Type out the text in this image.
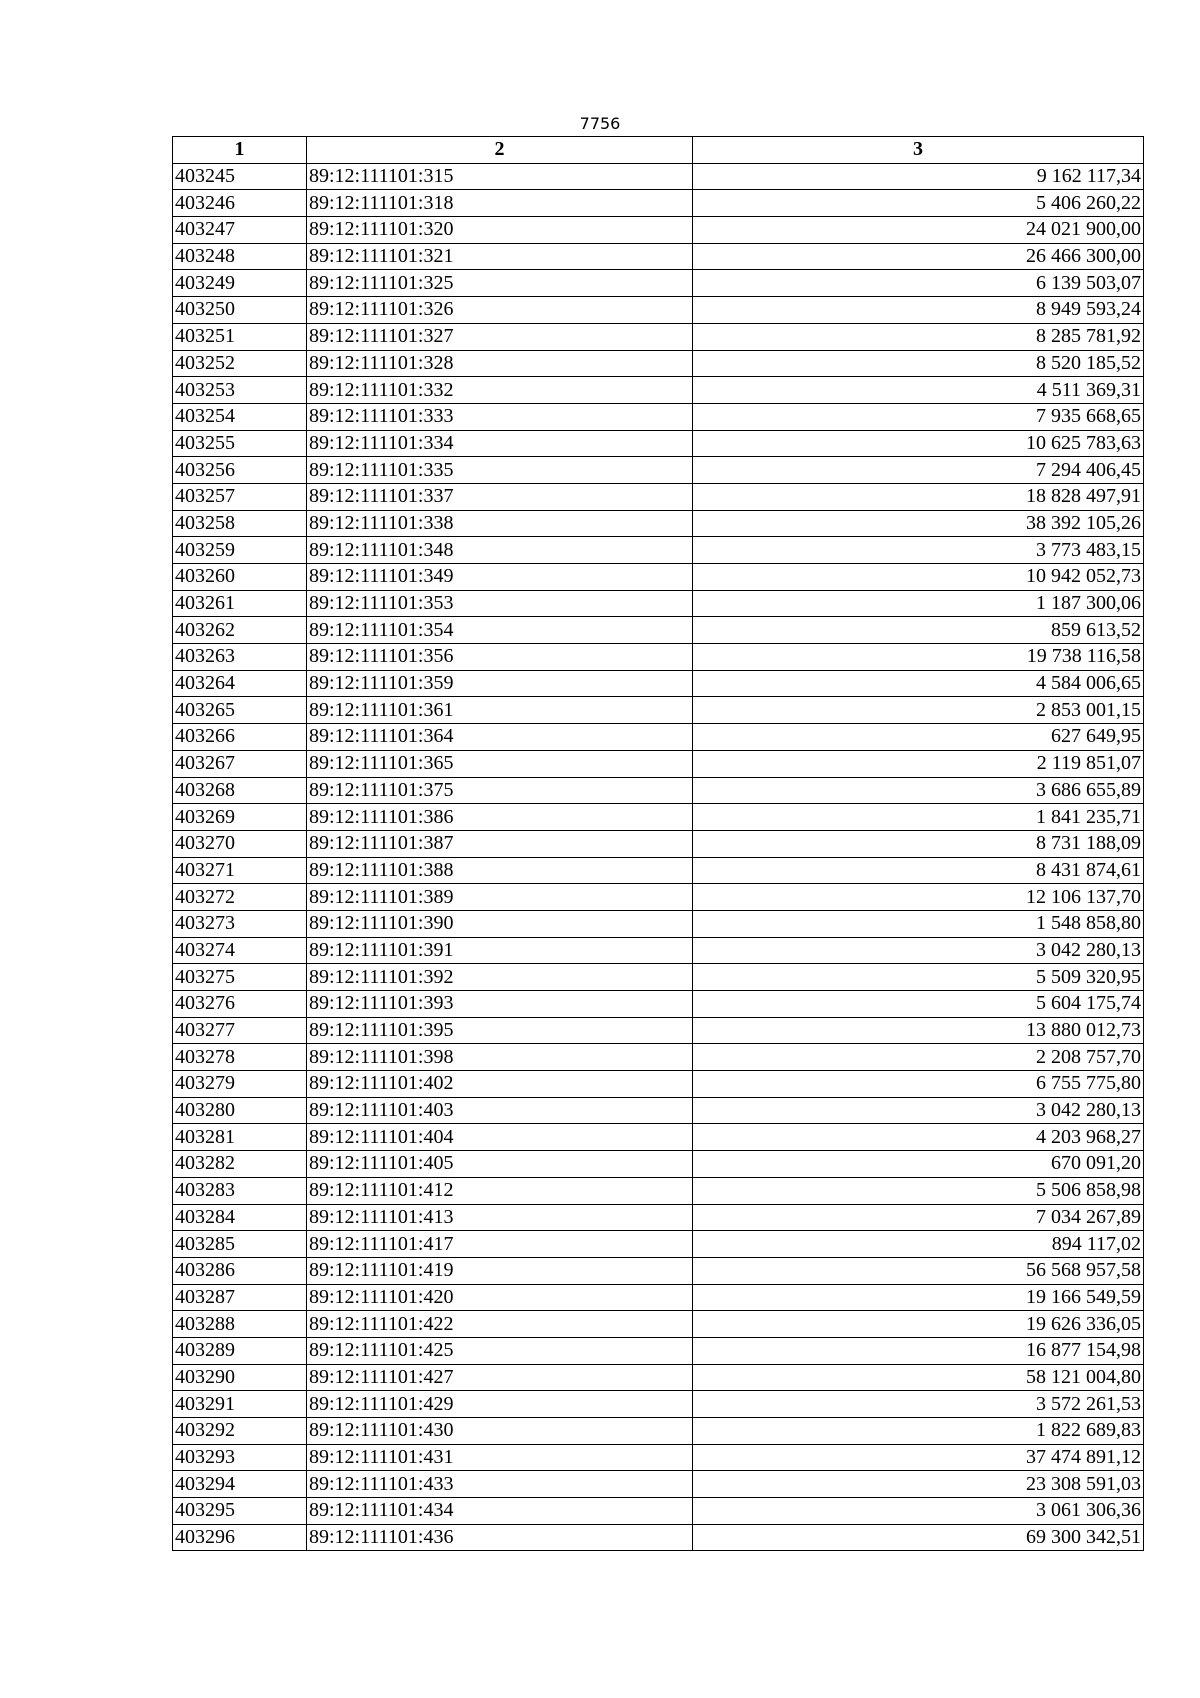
7756
1	2	3
403245	89:12:111101:315	9 162 117,34
403246	89:12:111101:318	5 406 260,22
403247	89:12:111101:320	24 021 900,00
403248	89:12:111101:321	26 466 300,00
403249	89:12:111101:325	6 139 503,07
403250	89:12:111101:326	8 949 593,24
403251	89:12:111101:327	8 285 781,92
403252	89:12:111101:328	8 520 185,52
403253	89:12:111101:332	4 511 369,31
403254	89:12:111101:333	7 935 668,65
403255	89:12:111101:334	10 625 783,63
403256	89:12:111101:335	7 294 406,45
403257	89:12:111101:337	18 828 497,91
403258	89:12:111101:338	38 392 105,26
403259	89:12:111101:348	3 773 483,15
403260	89:12:111101:349	10 942 052,73
403261	89:12:111101:353	1 187 300,06
403262	89:12:111101:354	859 613,52
403263	89:12:111101:356	19 738 116,58
403264	89:12:111101:359	4 584 006,65
403265	89:12:111101:361	2 853 001,15
403266	89:12:111101:364	627 649,95
403267	89:12:111101:365	2 119 851,07
403268	89:12:111101:375	3 686 655,89
403269	89:12:111101:386	1 841 235,71
403270	89:12:111101:387	8 731 188,09
403271	89:12:111101:388	8 431 874,61
403272	89:12:111101:389	12 106 137,70
403273	89:12:111101:390	1 548 858,80
403274	89:12:111101:391	3 042 280,13
403275	89:12:111101:392	5 509 320,95
403276	89:12:111101:393	5 604 175,74
403277	89:12:111101:395	13 880 012,73
403278	89:12:111101:398	2 208 757,70
403279	89:12:111101:402	6 755 775,80
403280	89:12:111101:403	3 042 280,13
403281	89:12:111101:404	4 203 968,27
403282	89:12:111101:405	670 091,20
403283	89:12:111101:412	5 506 858,98
403284	89:12:111101:413	7 034 267,89
403285	89:12:111101:417	894 117,02
403286	89:12:111101:419	56 568 957,58
403287	89:12:111101:420	19 166 549,59
403288	89:12:111101:422	19 626 336,05
403289	89:12:111101:425	16 877 154,98
403290	89:12:111101:427	58 121 004,80
403291	89:12:111101:429	3 572 261,53
403292	89:12:111101:430	1 822 689,83
403293	89:12:111101:431	37 474 891,12
403294	89:12:111101:433	23 308 591,03
403295	89:12:111101:434	3 061 306,36
403296	89:12:111101:436	69 300 342,51
